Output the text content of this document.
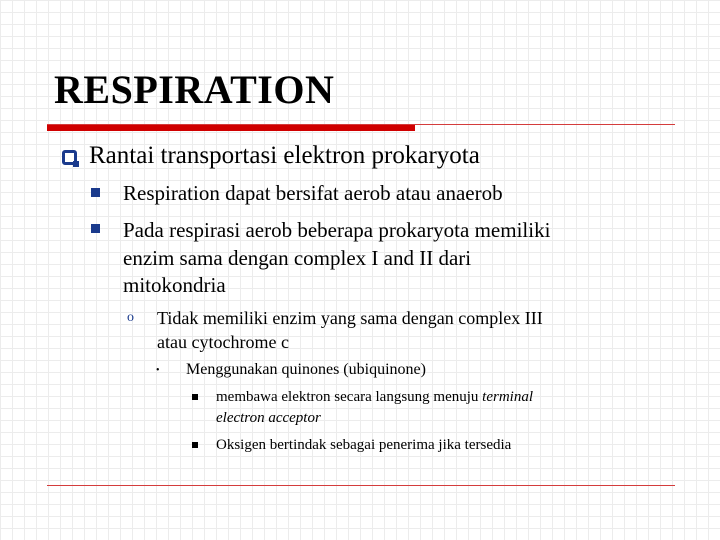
RESPIRATION
Rantai transportasi elektron prokaryota
Respiration dapat bersifat aerob atau anaerob
Pada respirasi aerob beberapa prokaryota memiliki
enzim sama dengan complex I and II dari
mitokondria
o Tidak memiliki enzim yang sama dengan complex III
atau cytochrome c
• Menggunakan quinones (ubiquinone)
membawa elektron secara langsung menuju terminal
electron acceptor
Oksigen bertindak sebagai penerima jika tersedia
